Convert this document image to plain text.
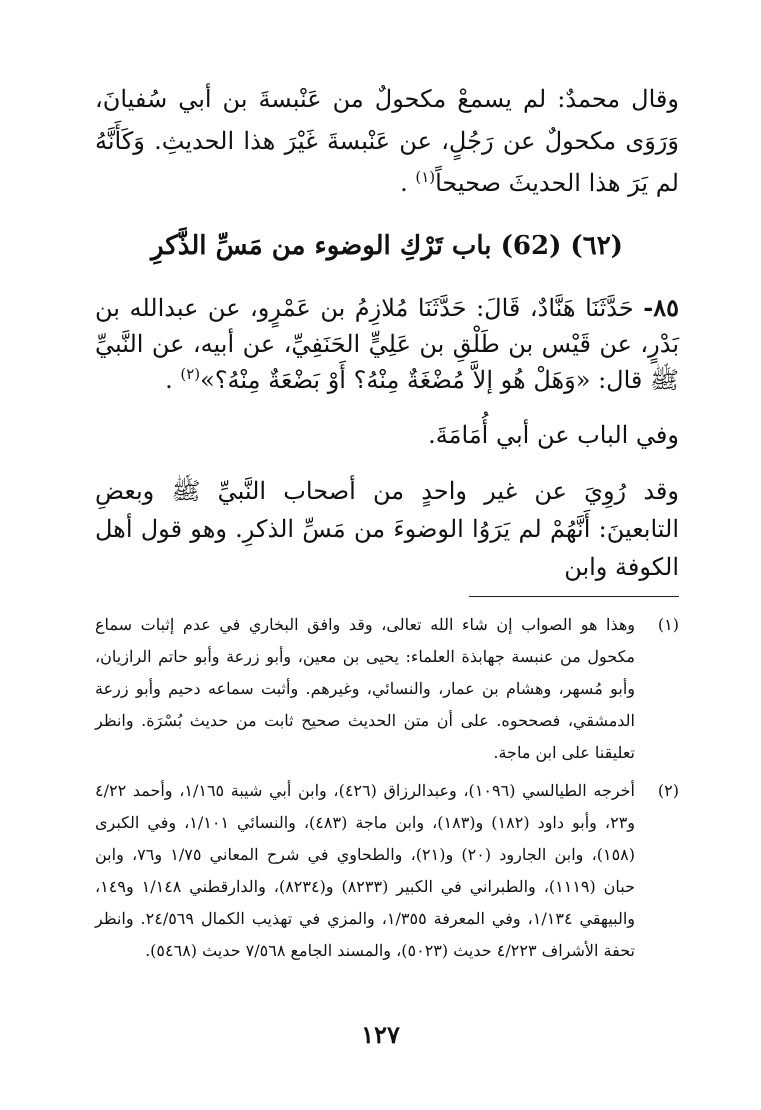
وقال محمدٌ: لم يسمعْ مكحولٌ من عَنْبسةَ بن أبي سُفيانَ، وَرَوَى مكحولٌ عن رَجُلٍ، عن عَنْبسةَ غَيْرَ هذا الحديثِ. وَكَأَنَّهُ لم يَرَ هذا الحديثَ صحيحاً$^{(١)}$ .

(٦٢) (62) باب تَرْكِ الوضوء من مَسِّ الذَّكرِ

٨٥- حَدَّثَنَا هَنَّادٌ، قَالَ: حَدَّثَنَا مُلازِمُ بن عَمْرٍو، عن عبدالله بن بَدْرٍ، عن قَيْس بن طَلْقِ بن عَلِيٍّ الحَنَفِيِّ، عن أبيه، عن النَّبيِّ ﷺ قال: «وَهَلْ هُو إلاَّ مُضْغَةٌ مِنْهُ؟ أَوْ بَضْعَةٌ مِنْهُ؟»$^{(٢)}$ .

وفي الباب عن أبي أُمَامَةَ.

وقد رُوِيَ عن غير واحدٍ من أصحاب النَّبيِّ ﷺ وبعضِ التابعينَ: أَنَّهُمْ لم يَرَوُا الوضوءَ من مَسِّ الذكرِ. وهو قول أهل الكوفة وابن

(١)
وهذا هو الصواب إن شاء الله تعالى، وقد وافق البخاري في عدم إثبات سماع مكحول من عنبسة جهابذة العلماء: يحيى بن معين، وأبو زرعة وأبو حاتم الرازيان، وأبو مُسهر، وهشام بن عمار، والنسائي، وغيرهم. وأثبت سماعه دحيم وأبو زرعة الدمشقي، فصححوه. على أن متن الحديث صحيح ثابت من حديث بُسْرَة. وانظر تعليقنا على ابن ماجة.
(٢)
أخرجه الطيالسي (١٠٩٦)، وعبدالرزاق (٤٢٦)، وابن أبي شيبة ١/١٦٥، وأحمد ٤/٢٢ و٢٣، وأبو داود (١٨٢) و(١٨٣)، وابن ماجة (٤٨٣)، والنسائي ١/١٠١، وفي الكبرى (١٥٨)، وابن الجارود (٢٠) و(٢١)، والطحاوي في شرح المعاني ١/٧٥ و٧٦، وابن حبان (١١١٩)، والطبراني في الكبير (٨٢٣٣) و(٨٢٣٤)، والدارقطني ١/١٤٨ و١٤٩، والبيهقي ١/١٣٤، وفي المعرفة ١/٣٥٥، والمزي في تهذيب الكمال ٢٤/٥٦٩. وانظر تحفة الأشراف ٤/٢٢٣ حديث (٥٠٢٣)، والمسند الجامع ٧/٥٦٨ حديث (٥٤٦٨).
١٢٧
